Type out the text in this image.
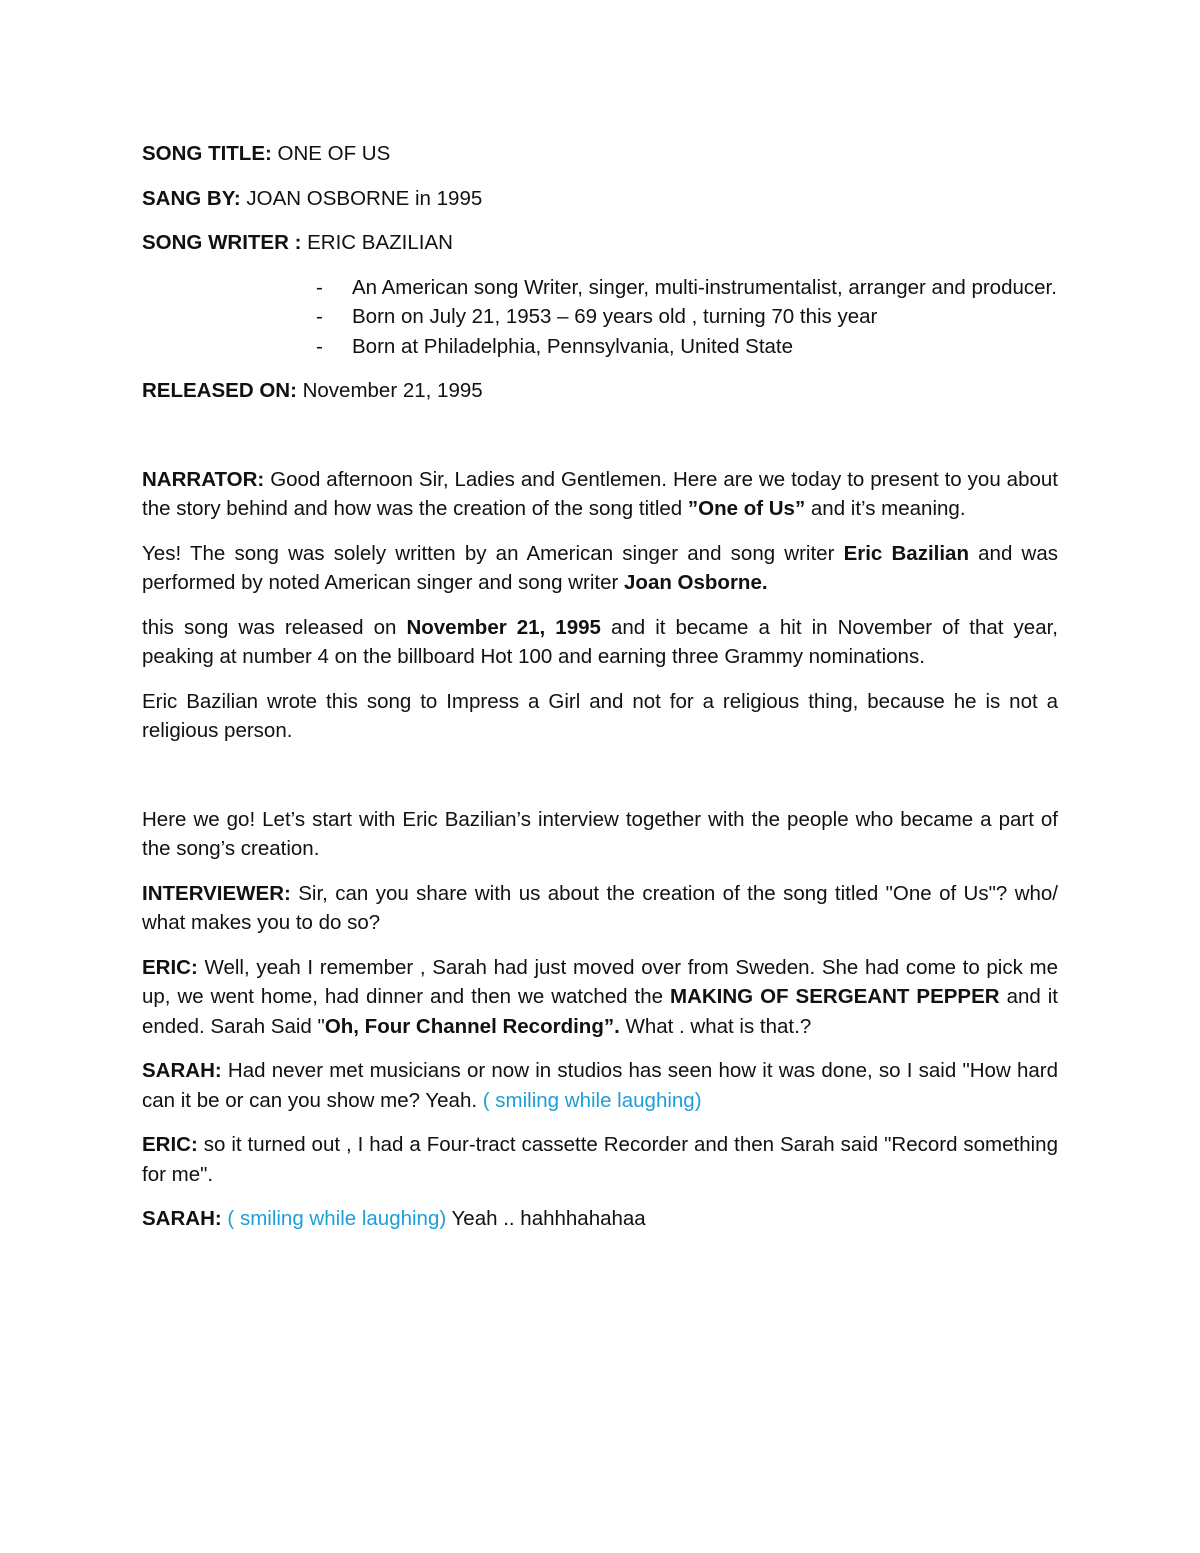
SONG TITLE: ONE OF US

SANG BY: JOAN OSBORNE in 1995

SONG WRITER : ERIC BAZILIAN

- An American song Writer, singer, multi-instrumentalist, arranger and producer.
- Born on July 21, 1953 – 69 years old , turning 70 this year
- Born at Philadelphia, Pennsylvania, United State

RELEASED ON: November 21, 1995

NARRATOR: Good afternoon Sir, Ladies and Gentlemen. Here are we today to present to you about the story behind and how was the creation of the song titled ”One of Us” and it’s meaning.

Yes! The song was solely written by an American singer and song writer Eric Bazilian and was performed by noted American singer and song writer Joan Osborne.

this song was released on November 21, 1995 and it became a hit in November of that year, peaking at number 4 on the billboard Hot 100 and earning three Grammy nominations.

Eric Bazilian wrote this song to Impress a Girl and not for a religious thing, because he is not a religious person.

Here we go! Let’s start with Eric Bazilian’s interview together with the people who became a part of the song’s creation.

INTERVIEWER: Sir, can you share with us about the creation of the song titled "One of Us"? who/ what makes you to do so?

ERIC: Well, yeah I remember , Sarah had just moved over from Sweden. She had come to pick me up, we went home, had dinner and then we watched the MAKING OF SERGEANT PEPPER and it ended. Sarah Said "Oh, Four Channel Recording”. What . what is that.?

SARAH: Had never met musicians or now in studios has seen how it was done, so I said "How hard can it be or can you show me? Yeah. ( smiling while laughing)

ERIC: so it turned out , I had a Four-tract cassette Recorder and then Sarah said "Record something for me".

SARAH: ( smiling while laughing) Yeah .. hahhhahahaa
